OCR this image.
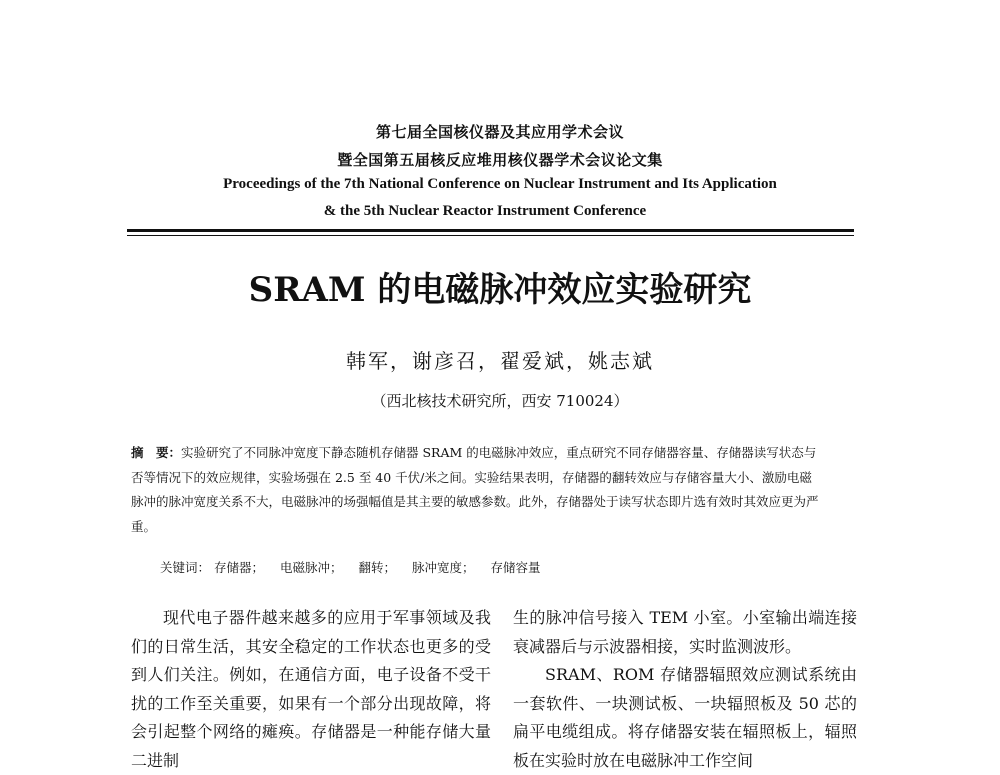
第七届全国核仪器及其应用学术会议
暨全国第五届核反应堆用核仪器学术会议论文集
Proceedings of the 7th National Conference on Nuclear Instrument and Its Application
& the 5th Nuclear Reactor Instrument Conference
SRAM 的电磁脉冲效应实验研究
韩军，谢彦召，翟爱斌，姚志斌
（西北核技术研究所，西安 710024）
摘　要：实验研究了不同脉冲宽度下静态随机存储器 SRAM 的电磁脉冲效应，重点研究不同存储器容量、存储器读写状态与否等情况下的效应规律，实验场强在 2.5 至 40 千伏/米之间。实验结果表明，存储器的翻转效应与存储容量大小、激励电磁脉冲的脉冲宽度关系不大，电磁脉冲的场强幅值是其主要的敏感参数。此外，存储器处于读写状态即片选有效时其效应更为严重。
关键词： 存储器； 电磁脉冲； 翻转； 脉冲宽度； 存储容量

现代电子器件越来越多的应用于军事领域及我们的日常生活，其安全稳定的工作状态也更多的受到人们关注。例如，在通信方面，电子设备不受干扰的工作至关重要，如果有一个部分出现故障，将会引起整个网络的瘫痪。存储器是一种能存储大量二进制

生的脉冲信号接入 TEM 小室。小室输出端连接衰减器后与示波器相接，实时监测波形。

SRAM、ROM 存储器辐照效应测试系统由一套软件、一块测试板、一块辐照板及 50 芯的扁平电缆组成。将存储器安装在辐照板上，辐照板在实验时放在电磁脉冲工作空间
